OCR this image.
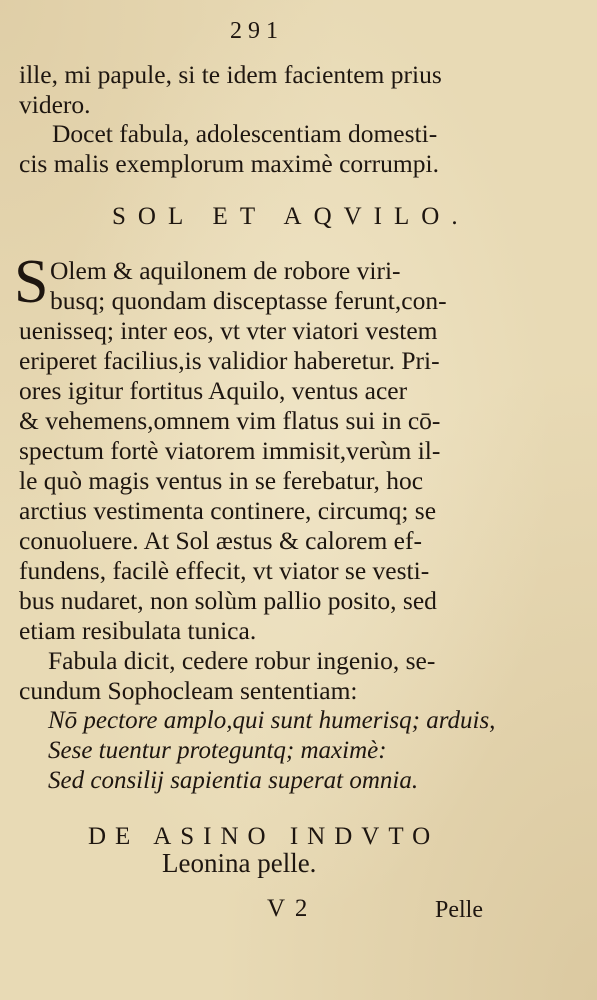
291
ille, mi papule, si te idem facientem prius
videro.
Docet fabula, adolescentiam domesti-
cis malis exemplorum maximè corrumpi.
SOL ET AQVILO.
S Olem & aquilonem de robore viri-
busq; quondam disceptasse ferunt,con-
uenisseq; inter eos, vt vter viatori vestem
eriperet facilius,is validior haberetur. Pri-
ores igitur fortitus Aquilo, ventus acer
& vehemens,omnem vim flatus sui in cō-
spectum fortè viatorem immisit,verùm il-
le quò magis ventus in se ferebatur, hoc
arctius vestimenta continere, circumq; se
conuoluere. At Sol æstus & calorem ef-
fundens, facilè effecit, vt viator se vesti-
bus nudaret, non solùm pallio posito, sed
etiam resibulata tunica.
Fabula dicit, cedere robur ingenio, se-
cundum Sophocleam sententiam:
Nō pectore amplo,qui sunt humerisq; arduis,
Sese tuentur proteguntq; maximè:
Sed consilij sapientia superat omnia.
DE ASINO INDVTO
Leonina pelle.
V 2	Pelle
